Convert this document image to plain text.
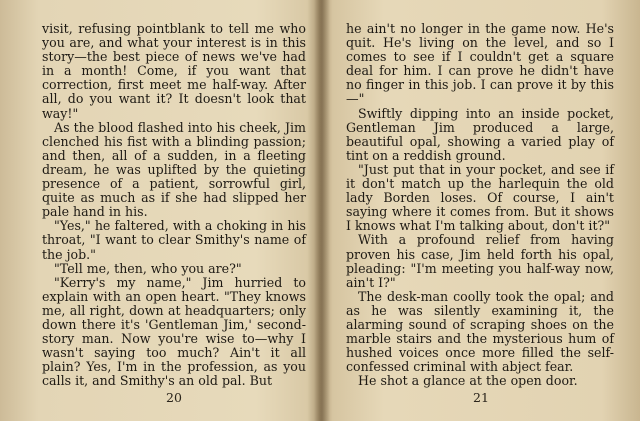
visit, refusing pointblank to tell me who you are, and what your interest is in this story—the best piece of news we've had in a month! Come, if you want that correction, first meet me half-way. After all, do you want it? It doesn't look that way!"

As the blood flashed into his cheek, Jim clenched his fist with a blinding passion; and then, all of a sudden, in a fleeting dream, he was uplifted by the quieting presence of a patient, sorrowful girl, quite as much as if she had slipped her pale hand in his.

"Yes," he faltered, with a choking in his throat, "I want to clear Smithy's name of the job."

"Tell me, then, who you are?"

"Kerry's my name," Jim hurried to explain with an open heart. "They knows me, all right, down at headquarters; only down there it's 'Gentleman Jim,' second-story man. Now you're wise to—why I wasn't saying too much? Ain't it all plain? Yes, I'm in the profession, as you calls it, and Smithy's an old pal. But

20

he ain't no longer in the game now. He's quit. He's living on the level, and so I comes to see if I couldn't get a square deal for him. I can prove he didn't have no finger in this job. I can prove it by this—"

Swiftly dipping into an inside pocket, Gentleman Jim produced a large, beautiful opal, showing a varied play of tint on a reddish ground.

"Just put that in your pocket, and see if it don't match up the harlequin the old lady Borden loses. Of course, I ain't saying where it comes from. But it shows I knows what I'm talking about, don't it?"

With a profound relief from having proven his case, Jim held forth his opal, pleading: "I'm meeting you half-way now, ain't I?"

The desk-man coolly took the opal; and as he was silently examining it, the alarming sound of scraping shoes on the marble stairs and the mysterious hum of hushed voices once more filled the self-confessed criminal with abject fear.

He shot a glance at the open door.

21
